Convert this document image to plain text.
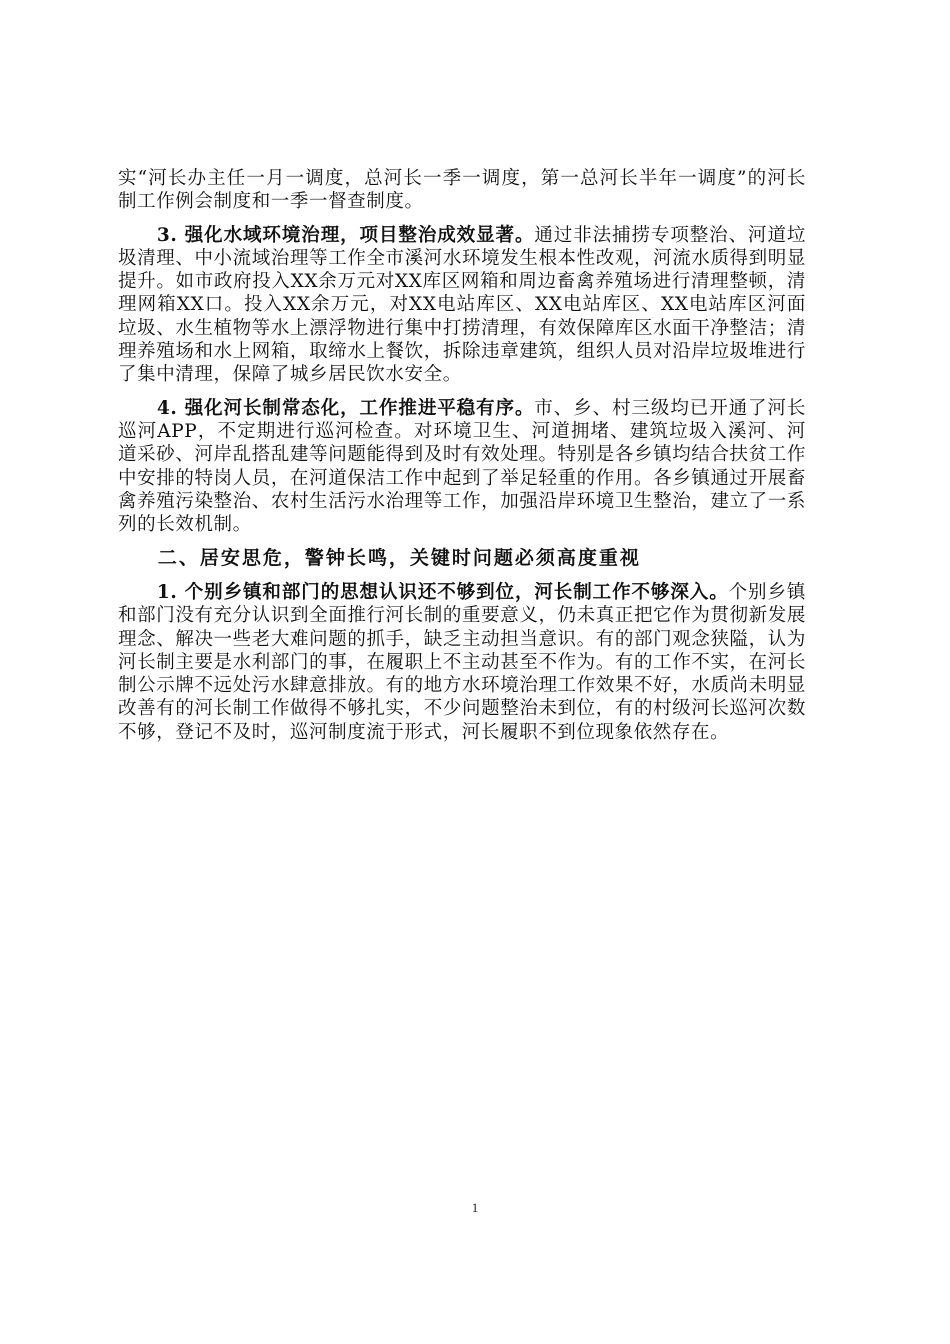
实“河长办主任一月一调度，总河长一季一调度，第一总河长半年一调度”的河长制工作例会制度和一季一督查制度。

3. 强化水域环境治理，项目整治成效显著。通过非法捕捞专项整治、河道垃圾清理、中小流域治理等工作全市溪河水环境发生根本性改观，河流水质得到明显提升。如市政府投入XX余万元对XX库区网箱和周边畜禽养殖场进行清理整顿，清理网箱XX口。投入XX余万元，对XX电站库区、XX电站库区、XX电站库区河面垃圾、水生植物等水上漂浮物进行集中打捞清理，有效保障库区水面干净整洁；清理养殖场和水上网箱，取缔水上餐饮，拆除违章建筑，组织人员对沿岸垃圾堆进行了集中清理，保障了城乡居民饮水安全。

4. 强化河长制常态化，工作推进平稳有序。市、乡、村三级均已开通了河长巡河APP，不定期进行巡河检查。对环境卫生、河道拥堵、建筑垃圾入溪河、河道采砂、河岸乱搭乱建等问题能得到及时有效处理。特别是各乡镇均结合扶贫工作中安排的特岗人员，在河道保洁工作中起到了举足轻重的作用。各乡镇通过开展畜禽养殖污染整治、农村生活污水治理等工作，加强沿岸环境卫生整治，建立了一系列的长效机制。

二、居安思危，警钟长鸣，关键时问题必须高度重视

1. 个别乡镇和部门的思想认识还不够到位，河长制工作不够深入。个别乡镇和部门没有充分认识到全面推行河长制的重要意义，仍未真正把它作为贯彻新发展理念、解决一些老大难问题的抓手，缺乏主动担当意识。有的部门观念狭隘，认为河长制主要是水利部门的事，在履职上不主动甚至不作为。有的工作不实，在河长制公示牌不远处污水肆意排放。有的地方水环境治理工作效果不好，水质尚未明显改善有的河长制工作做得不够扎实，不少问题整治未到位，有的村级河长巡河次数不够，登记不及时，巡河制度流于形式，河长履职不到位现象依然存在。

1
